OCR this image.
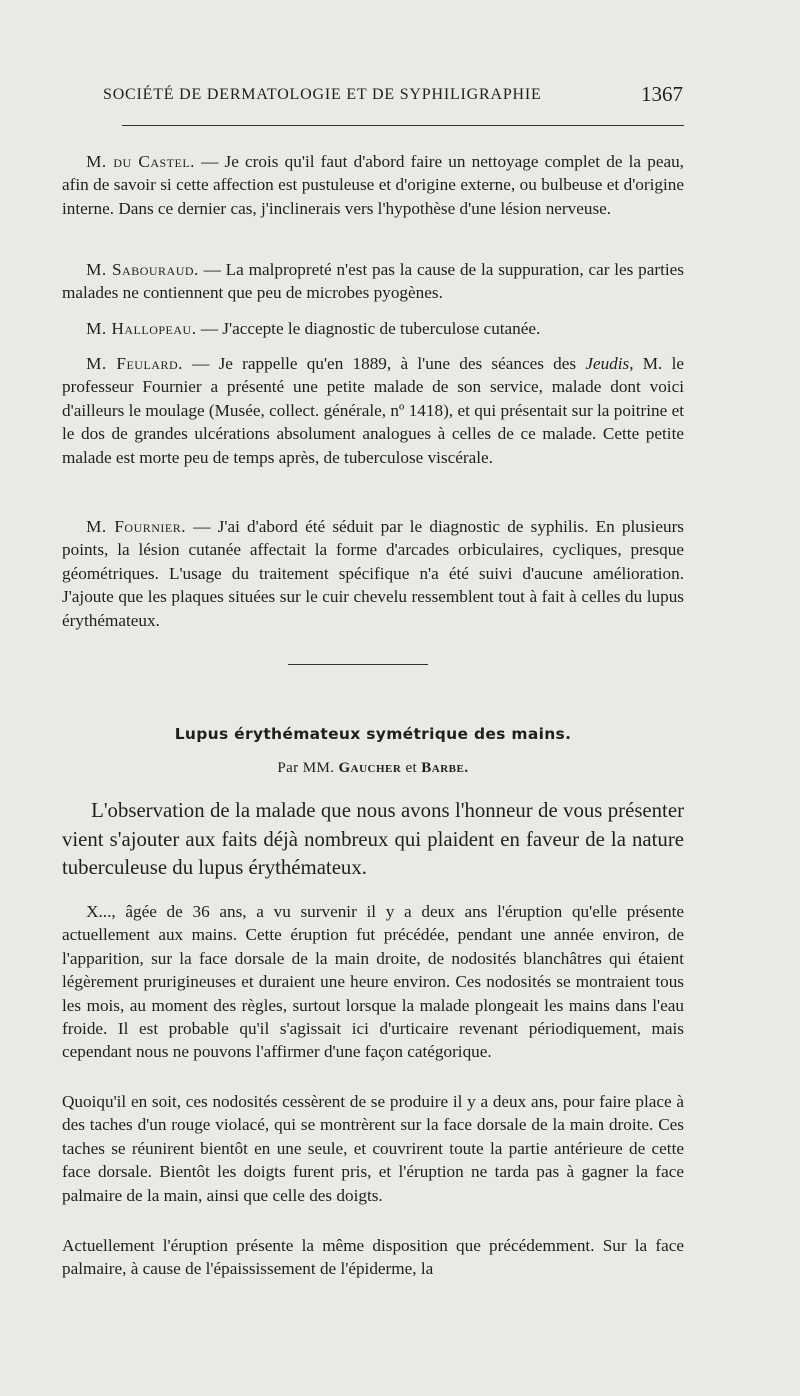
SOCIÉTÉ DE DERMATOLOGIE ET DE SYPHILIGRAPHIE	1367

M. du Castel. — Je crois qu'il faut d'abord faire un nettoyage complet de la peau, afin de savoir si cette affection est pustuleuse et d'origine externe, ou bulbeuse et d'origine interne. Dans ce dernier cas, j'inclinerais vers l'hypothèse d'une lésion nerveuse.

M. Sabouraud. — La malpropreté n'est pas la cause de la suppuration, car les parties malades ne contiennent que peu de microbes pyogènes.

M. Hallopeau. — J'accepte le diagnostic de tuberculose cutanée.

M. Feulard. — Je rappelle qu'en 1889, à l'une des séances des Jeudis, M. le professeur Fournier a présenté une petite malade de son service, malade dont voici d'ailleurs le moulage (Musée, collect. générale, nº 1418), et qui présentait sur la poitrine et le dos de grandes ulcérations absolument analogues à celles de ce malade. Cette petite malade est morte peu de temps après, de tuberculose viscérale.

M. Fournier. — J'ai d'abord été séduit par le diagnostic de syphilis. En plusieurs points, la lésion cutanée affectait la forme d'arcades orbiculaires, cycliques, presque géométriques. L'usage du traitement spécifique n'a été suivi d'aucune amélioration. J'ajoute que les plaques situées sur le cuir chevelu ressemblent tout à fait à celles du lupus érythémateux.

Lupus érythémateux symétrique des mains.
Par MM. Gaucher et Barbe.

L'observation de la malade que nous avons l'honneur de vous présenter vient s'ajouter aux faits déjà nombreux qui plaident en faveur de la nature tuberculeuse du lupus érythémateux.

X..., âgée de 36 ans, a vu survenir il y a deux ans l'éruption qu'elle présente actuellement aux mains. Cette éruption fut précédée, pendant une année environ, de l'apparition, sur la face dorsale de la main droite, de nodosités blanchâtres qui étaient légèrement prurigineuses et duraient une heure environ. Ces nodosités se montraient tous les mois, au moment des règles, surtout lorsque la malade plongeait les mains dans l'eau froide. Il est probable qu'il s'agissait ici d'urticaire revenant périodiquement, mais cependant nous ne pouvons l'affirmer d'une façon catégorique.

Quoiqu'il en soit, ces nodosités cessèrent de se produire il y a deux ans, pour faire place à des taches d'un rouge violacé, qui se montrèrent sur la face dorsale de la main droite. Ces taches se réunirent bientôt en une seule, et couvrirent toute la partie antérieure de cette face dorsale. Bientôt les doigts furent pris, et l'éruption ne tarda pas à gagner la face palmaire de la main, ainsi que celle des doigts.

Actuellement l'éruption présente la même disposition que précédemment. Sur la face palmaire, à cause de l'épaississement de l'épiderme, la
